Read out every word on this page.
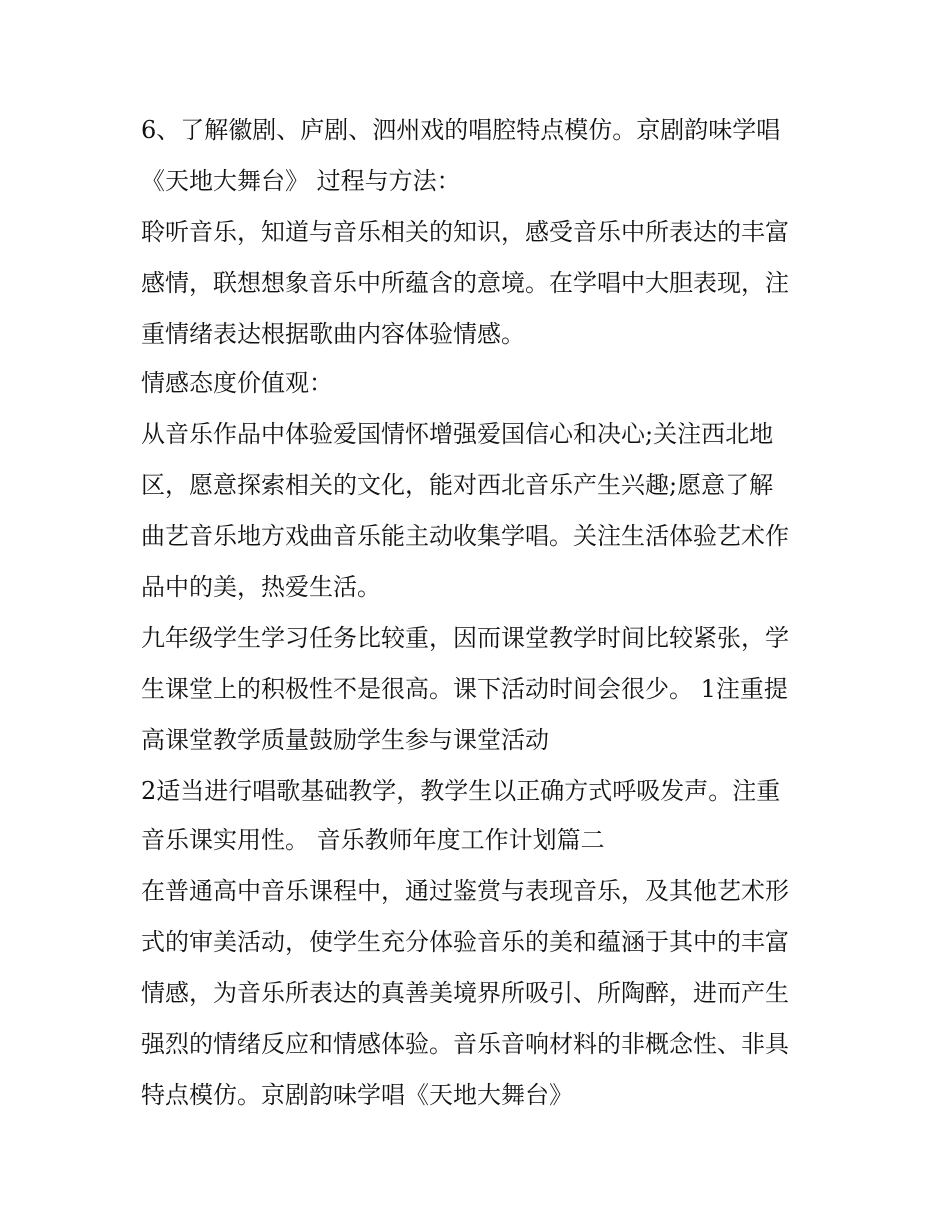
6、了解徽剧、庐剧、泗州戏的唱腔特点模仿。京剧韵味学唱
《天地大舞台》 过程与方法：
聆听音乐，知道与音乐相关的知识，感受音乐中所表达的丰富
感情，联想想象音乐中所蕴含的意境。在学唱中大胆表现，注
重情绪表达根据歌曲内容体验情感。
情感态度价值观：
从音乐作品中体验爱国情怀增强爱国信心和决心;关注西北地
区，愿意探索相关的文化，能对西北音乐产生兴趣;愿意了解
曲艺音乐地方戏曲音乐能主动收集学唱。关注生活体验艺术作
品中的美，热爱生活。
九年级学生学习任务比较重，因而课堂教学时间比较紧张，学
生课堂上的积极性不是很高。课下活动时间会很少。 1注重提
高课堂教学质量鼓励学生参与课堂活动
2适当进行唱歌基础教学，教学生以正确方式呼吸发声。注重
音乐课实用性。 音乐教师年度工作计划篇二
在普通高中音乐课程中，通过鉴赏与表现音乐，及其他艺术形
式的审美活动，使学生充分体验音乐的美和蕴涵于其中的丰富
情感，为音乐所表达的真善美境界所吸引、所陶醉，进而产生
强烈的情绪反应和情感体验。音乐音响材料的非概念性、非具
特点模仿。京剧韵味学唱《天地大舞台》
